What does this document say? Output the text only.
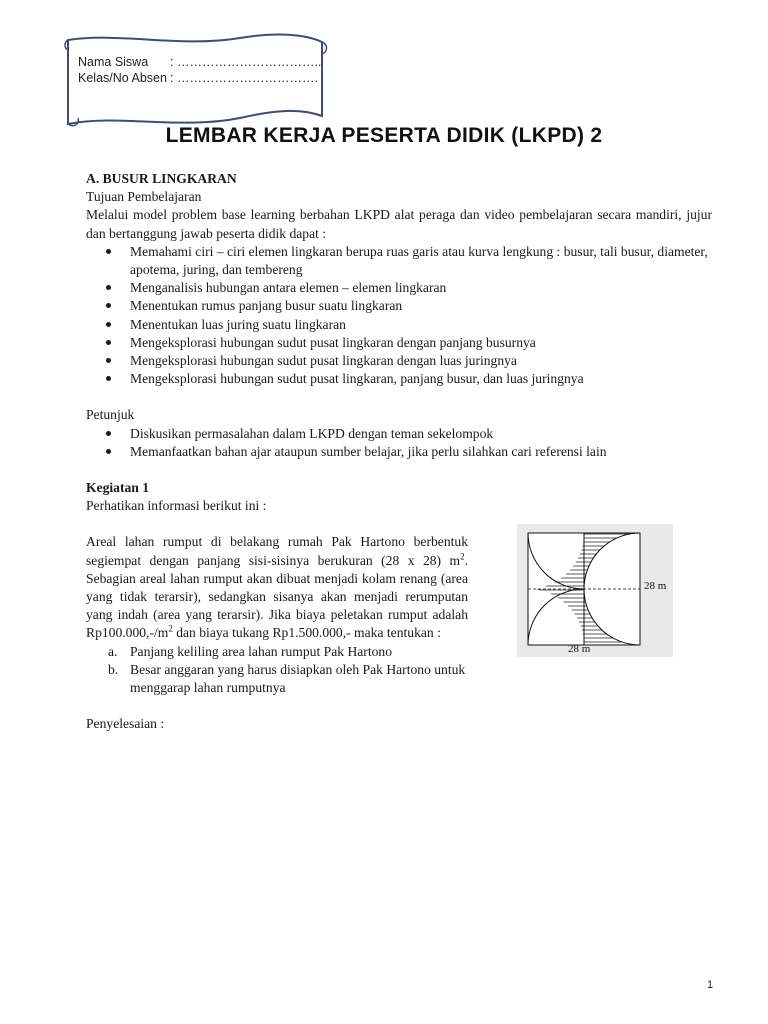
Nama Siswa	: ……………………………..
Kelas/No Absen : …………………………….
LEMBAR KERJA PESERTA DIDIK (LKPD) 2
A. BUSUR LINGKARAN
Tujuan Pembelajaran
Melalui model problem base learning berbahan LKPD alat peraga dan video pembelajaran secara mandiri, jujur dan bertanggung jawab peserta didik dapat :
Memahami ciri – ciri elemen lingkaran berupa ruas garis atau kurva lengkung : busur, tali busur, diameter, apotema, juring, dan tembereng
Menganalisis hubungan antara elemen – elemen lingkaran
Menentukan rumus panjang busur suatu lingkaran
Menentukan luas juring suatu lingkaran
Mengeksplorasi hubungan sudut pusat lingkaran dengan panjang busurnya
Mengeksplorasi hubungan sudut pusat lingkaran dengan luas juringnya
Mengeksplorasi hubungan sudut pusat lingkaran, panjang busur, dan luas juringnya
Petunjuk
Diskusikan permasalahan dalam LKPD dengan teman sekelompok
Memanfaatkan bahan ajar ataupun sumber belajar, jika perlu silahkan cari referensi lain
Kegiatan 1
Perhatikan informasi berikut ini :
Areal lahan rumput di belakang rumah Pak Hartono berbentuk segiempat dengan panjang sisi-sisinya berukuran (28 x 28) $m^2$. Sebagian areal lahan rumput akan dibuat menjadi kolam renang (area yang tidak terarsir), sedangkan sisanya akan menjadi rerumputan yang indah (area yang terarsir). Jika biaya peletakan rumput adalah $Rp100.000,-/m^2$ dan biaya tukang Rp1.500.000,- maka tentukan :
a. Panjang keliling area lahan rumput Pak Hartono
b. Besar anggaran yang harus disiapkan oleh Pak Hartono untuk menggarap lahan rumputnya
Penyelesaian :
28 m
28 m
1
